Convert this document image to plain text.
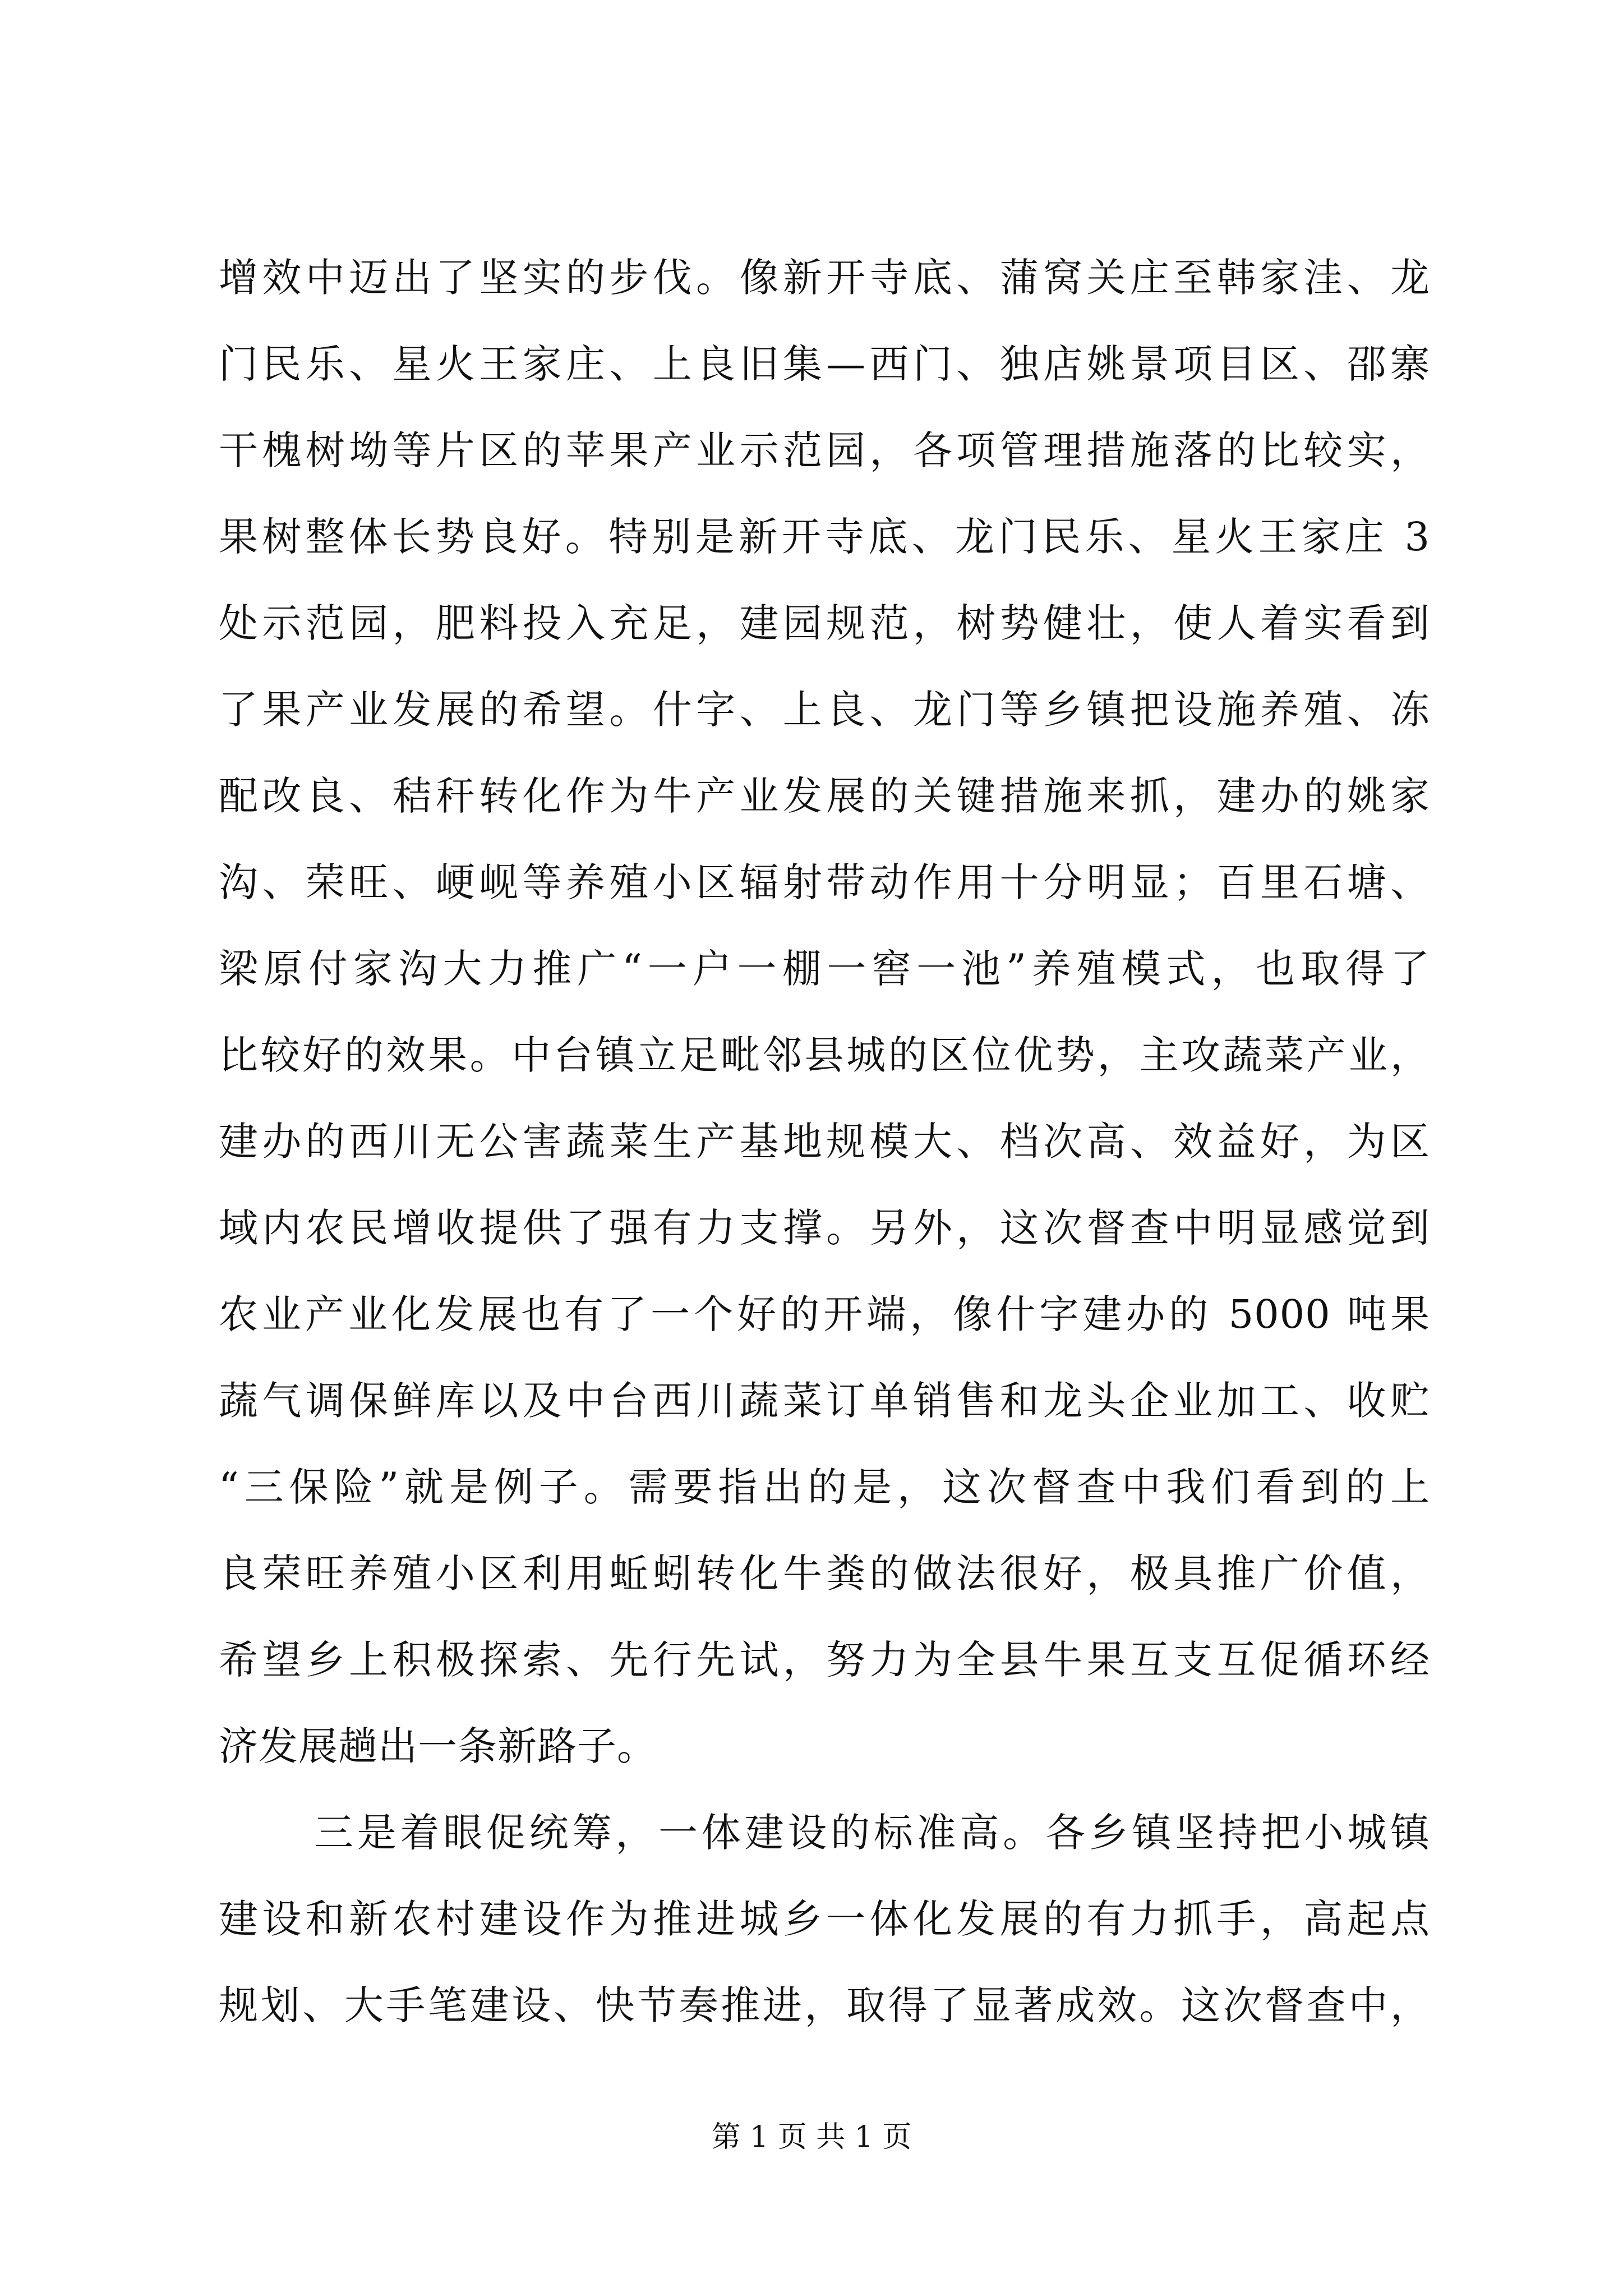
增效中迈出了坚实的步伐。像新开寺底、蒲窝关庄至韩家洼、龙
门民乐、星火王家庄、上良旧集—西门、独店姚景项目区、邵寨
干槐树坳等片区的苹果产业示范园，各项管理措施落的比较实，
果树整体长势良好。特别是新开寺底、龙门民乐、星火王家庄 3
处示范园，肥料投入充足，建园规范，树势健壮，使人着实看到
了果产业发展的希望。什字、上良、龙门等乡镇把设施养殖、冻
配改良、秸秆转化作为牛产业发展的关键措施来抓，建办的姚家
沟、荣旺、峺岘等养殖小区辐射带动作用十分明显；百里石塘、
梁原付家沟大力推广“一户一棚一窖一池”养殖模式，也取得了
比较好的效果。中台镇立足毗邻县城的区位优势，主攻蔬菜产业，
建办的西川无公害蔬菜生产基地规模大、档次高、效益好，为区
域内农民增收提供了强有力支撑。另外，这次督查中明显感觉到
农业产业化发展也有了一个好的开端，像什字建办的 5000 吨果
蔬气调保鲜库以及中台西川蔬菜订单销售和龙头企业加工、收贮
“三保险”就是例子。需要指出的是，这次督查中我们看到的上
良荣旺养殖小区利用蚯蚓转化牛粪的做法很好，极具推广价值，
希望乡上积极探索、先行先试，努力为全县牛果互支互促循环经
济发展趟出一条新路子。
三是着眼促统筹，一体建设的标准高。各乡镇坚持把小城镇
建设和新农村建设作为推进城乡一体化发展的有力抓手，高起点
规划、大手笔建设、快节奏推进，取得了显著成效。这次督查中，
第 1 页 共 1 页
